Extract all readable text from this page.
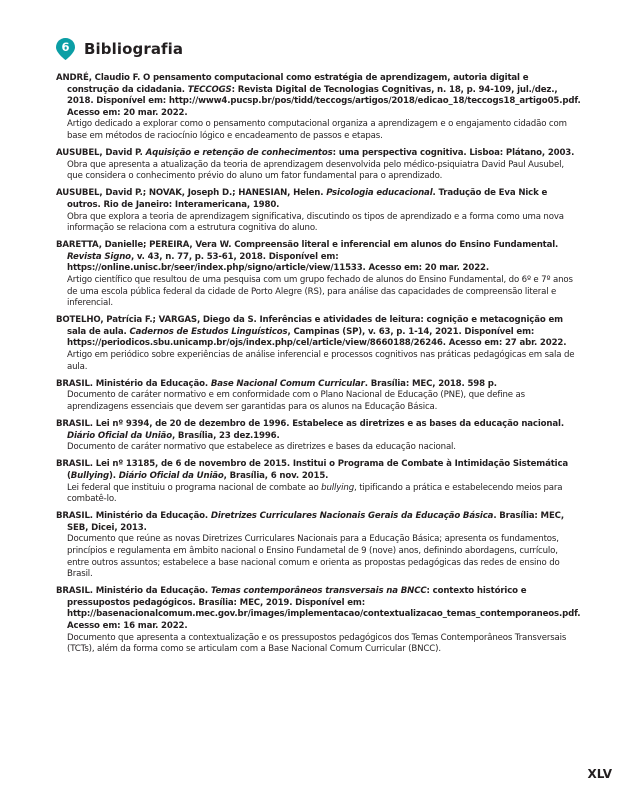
6 Bibliografia
ANDRÉ, Claudio F. O pensamento computacional como estratégia de aprendizagem, autoria digital e construção da cidadania. TECCOGS: Revista Digital de Tecnologias Cognitivas, n. 18, p. 94-109, jul./dez., 2018. Disponível em: http://www4.pucsp.br/pos/tidd/teccogs/artigos/2018/edicao_18/teccogs18_artigo05.pdf. Acesso em: 20 mar. 2022.
Artigo dedicado a explorar como o pensamento computacional organiza a aprendizagem e o engajamento cidadão com base em métodos de raciocínio lógico e encadeamento de passos e etapas.
AUSUBEL, David P. Aquisição e retenção de conhecimentos: uma perspectiva cognitiva. Lisboa: Plátano, 2003.
Obra que apresenta a atualização da teoria de aprendizagem desenvolvida pelo médico-psiquiatra David Paul Ausubel, que considera o conhecimento prévio do aluno um fator fundamental para o aprendizado.
AUSUBEL, David P.; NOVAK, Joseph D.; HANESIAN, Helen. Psicologia educacional. Tradução de Eva Nick e outros. Rio de Janeiro: Interamericana, 1980.
Obra que explora a teoria de aprendizagem significativa, discutindo os tipos de aprendizado e a forma como uma nova informação se relaciona com a estrutura cognitiva do aluno.
BARETTA, Danielle; PEREIRA, Vera W. Compreensão literal e inferencial em alunos do Ensino Fundamental. Revista Signo, v. 43, n. 77, p. 53-61, 2018. Disponível em: https://online.unisc.br/seer/index.php/signo/article/view/11533. Acesso em: 20 mar. 2022.
Artigo científico que resultou de uma pesquisa com um grupo fechado de alunos do Ensino Fundamental, do 6º e 7º anos de uma escola pública federal da cidade de Porto Alegre (RS), para análise das capacidades de compreensão literal e inferencial.
BOTELHO, Patrícia F.; VARGAS, Diego da S. Inferências e atividades de leitura: cognição e metacognição em sala de aula. Cadernos de Estudos Linguísticos, Campinas (SP), v. 63, p. 1-14, 2021. Disponível em: https://periodicos.sbu.unicamp.br/ojs/index.php/cel/article/view/8660188/26246. Acesso em: 27 abr. 2022.
Artigo em periódico sobre experiências de análise inferencial e processos cognitivos nas práticas pedagógicas em sala de aula.
BRASIL. Ministério da Educação. Base Nacional Comum Curricular. Brasília: MEC, 2018. 598 p.
Documento de caráter normativo e em conformidade com o Plano Nacional de Educação (PNE), que define as aprendizagens essenciais que devem ser garantidas para os alunos na Educação Básica.
BRASIL. Lei nº 9394, de 20 de dezembro de 1996. Estabelece as diretrizes e as bases da educação nacional. Diário Oficial da União, Brasília, 23 dez.1996.
Documento de caráter normativo que estabelece as diretrizes e bases da educação nacional.
BRASIL. Lei nº 13185, de 6 de novembro de 2015. Institui o Programa de Combate à Intimidação Sistemática (Bullying). Diário Oficial da União, Brasília, 6 nov. 2015.
Lei federal que instituiu o programa nacional de combate ao bullying, tipificando a prática e estabelecendo meios para combatê-lo.
BRASIL. Ministério da Educação. Diretrizes Curriculares Nacionais Gerais da Educação Básica. Brasília: MEC, SEB, Dicei, 2013.
Documento que reúne as novas Diretrizes Curriculares Nacionais para a Educação Básica; apresenta os fundamentos, princípios e regulamenta em âmbito nacional o Ensino Fundametal de 9 (nove) anos, definindo abordagens, currículo, entre outros assuntos; estabelece a base nacional comum e orienta as propostas pedagógicas das redes de ensino do Brasil.
BRASIL. Ministério da Educação. Temas contemporâneos transversais na BNCC: contexto histórico e pressupostos pedagógicos. Brasília: MEC, 2019. Disponível em: http://basenacionalcomum.mec.gov.br/images/implementacao/contextualizacao_temas_contemporaneos.pdf. Acesso em: 16 mar. 2022.
Documento que apresenta a contextualização e os pressupostos pedagógicos dos Temas Contemporâneos Transversais (TCTs), além da forma como se articulam com a Base Nacional Comum Curricular (BNCC).
XLV
